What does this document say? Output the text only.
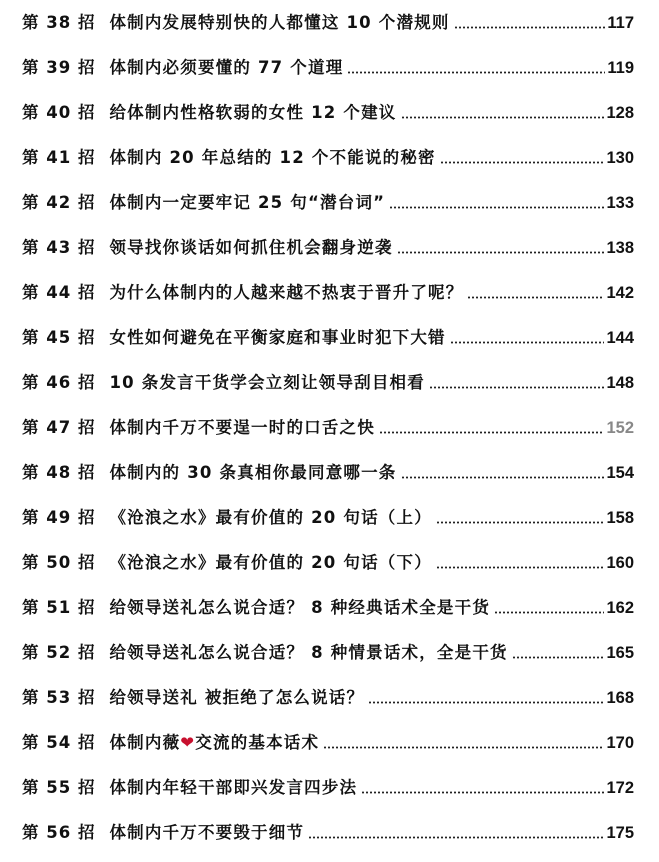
第 38 招 体制内发展特别快的人都懂这 10 个潜规则	117
第 39 招 体制内必须要懂的 77 个道理	119
第 40 招 给体制内性格软弱的女性 12 个建议	128
第 41 招 体制内 20 年总结的 12 个不能说的秘密	130
第 42 招 体制内一定要牢记 25 句“潜台词”	133
第 43 招 领导找你谈话如何抓住机会翻身逆袭	138
第 44 招 为什么体制内的人越来越不热衷于晋升了呢？	142
第 45 招 女性如何避免在平衡家庭和事业时犯下大错	144
第 46 招 10 条发言干货学会立刻让领导刮目相看	148
第 47 招 体制内千万不要逞一时的口舌之快	152
第 48 招 体制内的 30 条真相你最同意哪一条	154
第 49 招 《沧浪之水》最有价值的 20 句话（上）	158
第 50 招 《沧浪之水》最有价值的 20 句话（下）	160
第 51 招 给领导送礼怎么说合适？ 8 种经典话术全是干货	162
第 52 招 给领导送礼怎么说合适？ 8 种情景话术，全是干货	165
第 53 招 给领导送礼 被拒绝了怎么说话？	168
第 54 招 体制内薇❤交流的基本话术	170
第 55 招 体制内年轻干部即兴发言四步法	172
第 56 招 体制内千万不要毁于细节	175
